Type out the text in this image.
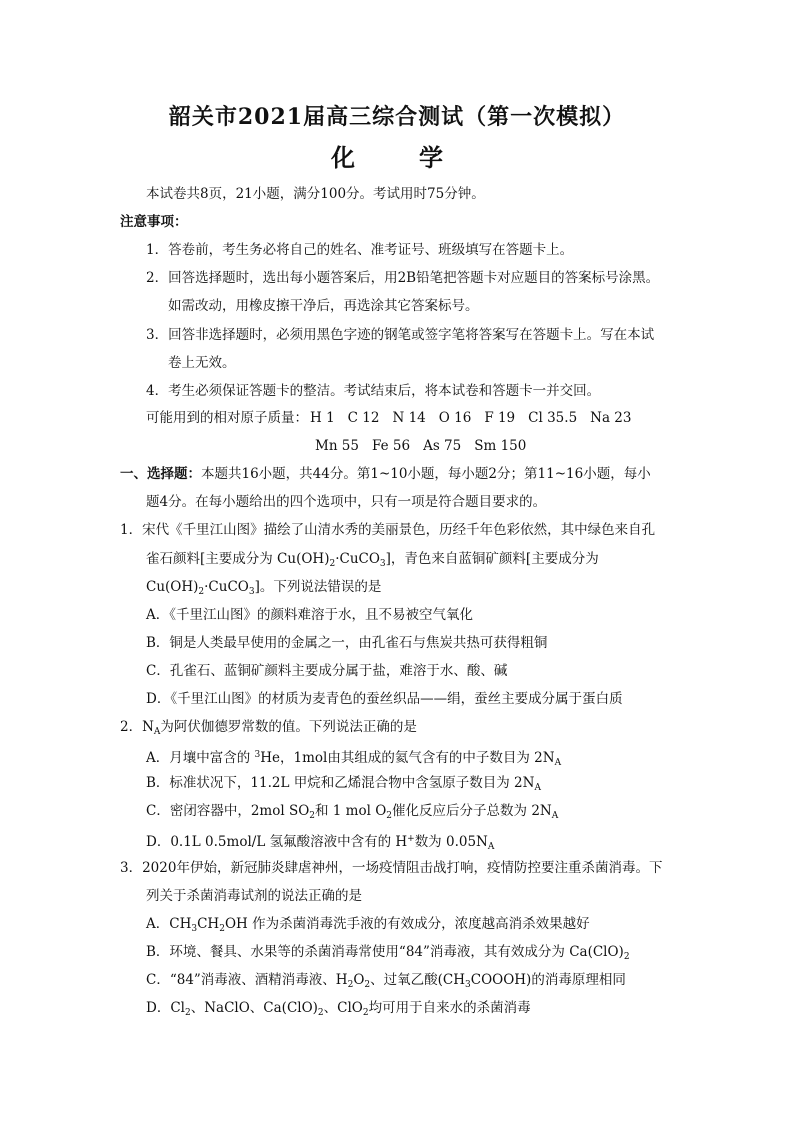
韶关市2021届高三综合测试（第一次模拟）
化　学
本试卷共8页，21小题，满分100分。考试用时75分钟。
注意事项：
1．答卷前，考生务必将自己的姓名、准考证号、班级填写在答题卡上。
2．回答选择题时，选出每小题答案后，用2B铅笔把答题卡对应题目的答案标号涂黑。
如需改动，用橡皮擦干净后，再选涂其它答案标号。
3．回答非选择题时，必须用黑色字迹的钢笔或签字笔将答案写在答题卡上。写在本试
卷上无效。
4．考生必须保证答题卡的整洁。考试结束后，将本试卷和答题卡一并交回。
可能用到的相对原子质量： H 1 C 12 N 14 O 16 F 19 Cl 35.5 Na 23
Mn 55 Fe 56 As 75 Sm 150
一、选择题：本题共16小题，共44分。第1~10小题，每小题2分；第11~16小题，每小
题4分。在每小题给出的四个选项中，只有一项是符合题目要求的。
1．宋代《千里江山图》描绘了山清水秀的美丽景色，历经千年色彩依然，其中绿色来自孔
雀石颜料[主要成分为 $Cu(OH)_2\cdot CuCO_3$]，青色来自蓝铜矿颜料[主要成分为
$Cu(OH)_2\cdot CuCO_3$]。下列说法错误的是
A．《千里江山图》的颜料难溶于水，且不易被空气氧化
B．铜是人类最早使用的金属之一，由孔雀石与焦炭共热可获得粗铜
C．孔雀石、蓝铜矿颜料主要成分属于盐，难溶于水、酸、碱
D．《千里江山图》的材质为麦青色的蚕丝织品——绢，蚕丝主要成分属于蛋白质
2．$N_A$为阿伏伽德罗常数的值。下列说法正确的是
A．月壤中富含的 $^3$He，1mol由其组成的氦气含有的中子数目为 $2N_A$
B．标准状况下，11.2L 甲烷和乙烯混合物中含氢原子数目为 $2N_A$
C．密闭容器中，2mol $SO_2$和 1 mol $O_2$催化反应后分子总数为 $2N_A$
D．0.1L 0.5mol/L 氢氟酸溶液中含有的 H+数为 $0.05N_A$
3．2020年伊始，新冠肺炎肆虐神州，一场疫情阻击战打响，疫情防控要注重杀菌消毒。下
列关于杀菌消毒试剂的说法正确的是
A．$CH_3CH_2OH$ 作为杀菌消毒洗手液的有效成分，浓度越高消杀效果越好
B．环境、餐具、水果等的杀菌消毒常使用“84”消毒液，其有效成分为 $Ca(ClO)_2$
C．“84”消毒液、酒精消毒液、$H_2O_2$、过氧乙酸$(CH_3COOOH)$的消毒原理相同
D．$Cl_2$、NaClO、$Ca(ClO)_2$、ClO$_2$均可用于自来水的杀菌消毒
